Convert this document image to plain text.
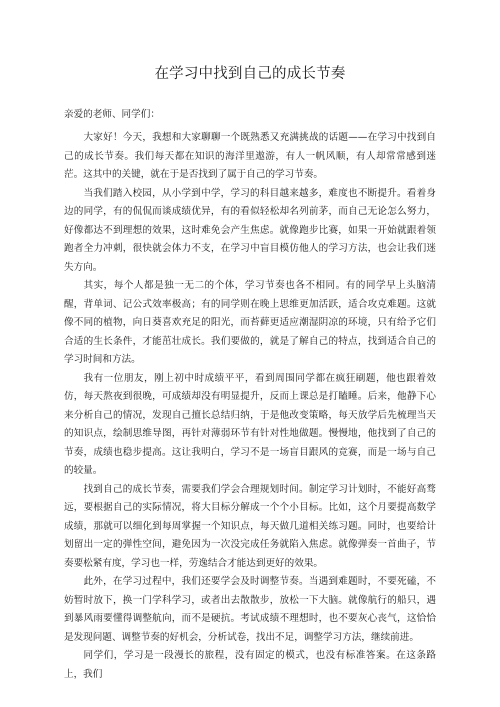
在学习中找到自己的成长节奏

亲爱的老师、同学们：

大家好！今天，我想和大家聊聊一个既熟悉又充满挑战的话题——在学习中找到自己的成长节奏。我们每天都在知识的海洋里遨游，有人一帆风顺，有人却常常感到迷茫。这其中的关键，就在于是否找到了属于自己的学习节奏。

当我们踏入校园，从小学到中学，学习的科目越来越多，难度也不断提升。看着身边的同学，有的侃侃而谈成绩优异，有的看似轻松却名列前茅，而自己无论怎么努力，好像都达不到理想的效果，这时难免会产生焦虑。就像跑步比赛，如果一开始就跟着领跑者全力冲刺，很快就会体力不支，在学习中盲目模仿他人的学习方法，也会让我们迷失方向。

其实，每个人都是独一无二的个体，学习节奏也各不相同。有的同学早上头脑清醒，背单词、记公式效率极高；有的同学则在晚上思维更加活跃，适合攻克难题。这就像不同的植物，向日葵喜欢充足的阳光，而苔藓更适应潮湿阴凉的环境，只有给予它们合适的生长条件，才能茁壮成长。我们要做的，就是了解自己的特点，找到适合自己的学习时间和方法。

我有一位朋友，刚上初中时成绩平平，看到周围同学都在疯狂刷题，他也跟着效仿，每天熬夜到很晚，可成绩却没有明显提升，反而上课总是打瞌睡。后来，他静下心来分析自己的情况，发现自己擅长总结归纳，于是他改变策略，每天放学后先梳理当天的知识点，绘制思维导图，再针对薄弱环节有针对性地做题。慢慢地，他找到了自己的节奏，成绩也稳步提高。这让我明白，学习不是一场盲目跟风的竞赛，而是一场与自己的较量。

找到自己的成长节奏，需要我们学会合理规划时间。制定学习计划时，不能好高骛远，要根据自己的实际情况，将大目标分解成一个个小目标。比如，这个月要提高数学成绩，那就可以细化到每周掌握一个知识点，每天做几道相关练习题。同时，也要给计划留出一定的弹性空间，避免因为一次没完成任务就陷入焦虑。就像弹奏一首曲子，节奏要松紧有度，学习也一样，劳逸结合才能达到更好的效果。

此外，在学习过程中，我们还要学会及时调整节奏。当遇到难题时，不要死磕，不妨暂时放下，换一门学科学习，或者出去散散步，放松一下大脑。就像航行的船只，遇到暴风雨要懂得调整航向，而不是硬抗。考试成绩不理想时，也不要灰心丧气，这恰恰是发现问题、调整节奏的好机会，分析试卷，找出不足，调整学习方法，继续前进。

同学们，学习是一段漫长的旅程，没有固定的模式，也没有标准答案。在这条路上，我们
